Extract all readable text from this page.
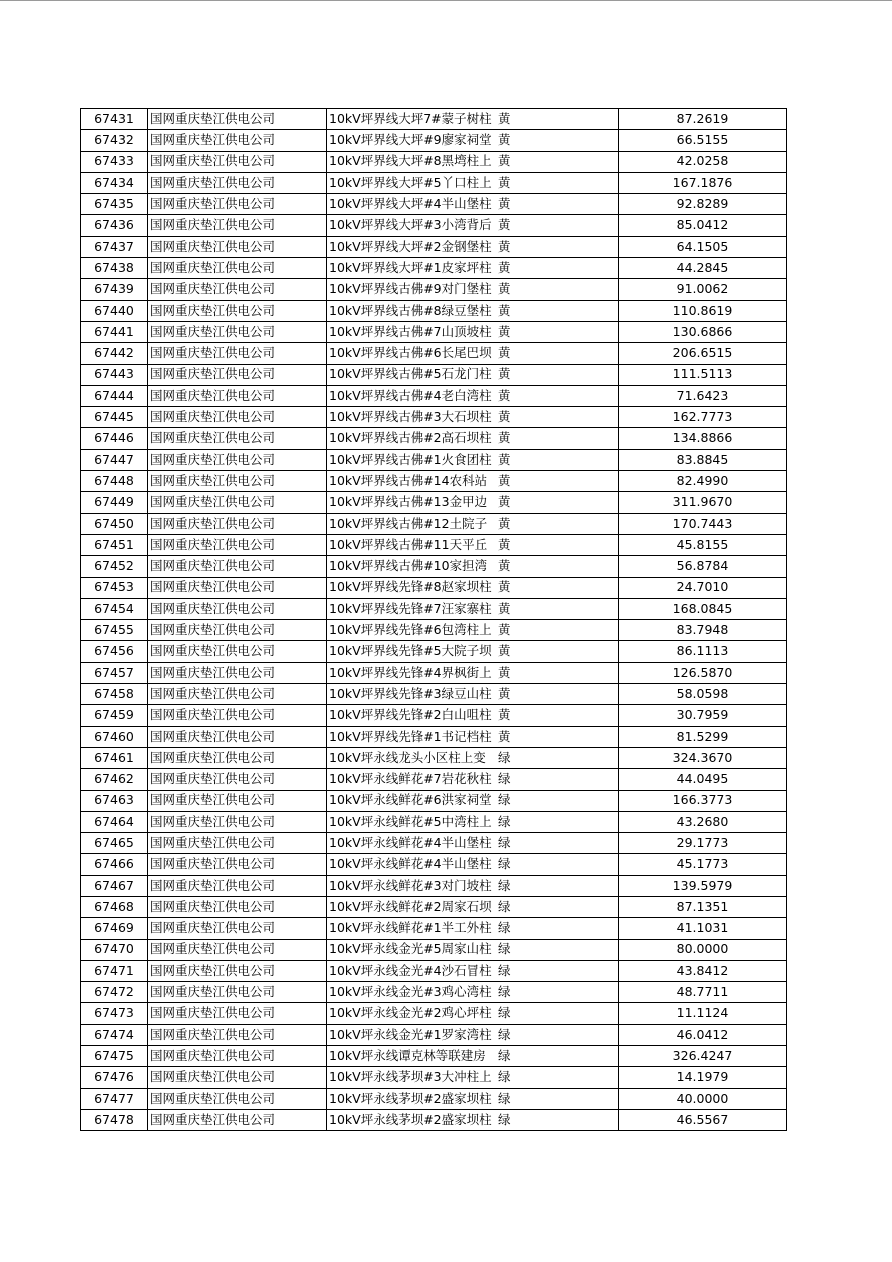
67431	国网重庆垫江供电公司	10kV坪界线大坪7#蒙子树柱	黄	87.2619
67432	国网重庆垫江供电公司	10kV坪界线大坪#9廖家祠堂	黄	66.5155
67433	国网重庆垫江供电公司	10kV坪界线大坪#8黑塆柱上	黄	42.0258
67434	国网重庆垫江供电公司	10kV坪界线大坪#5丫口柱上	黄	167.1876
67435	国网重庆垫江供电公司	10kV坪界线大坪#4半山堡柱	黄	92.8289
67436	国网重庆垫江供电公司	10kV坪界线大坪#3小湾背后	黄	85.0412
67437	国网重庆垫江供电公司	10kV坪界线大坪#2金钢堡柱	黄	64.1505
67438	国网重庆垫江供电公司	10kV坪界线大坪#1皮家坪柱	黄	44.2845
67439	国网重庆垫江供电公司	10kV坪界线古佛#9对门堡柱	黄	91.0062
67440	国网重庆垫江供电公司	10kV坪界线古佛#8绿豆堡柱	黄	110.8619
67441	国网重庆垫江供电公司	10kV坪界线古佛#7山顶坡柱	黄	130.6866
67442	国网重庆垫江供电公司	10kV坪界线古佛#6长尾巴坝	黄	206.6515
67443	国网重庆垫江供电公司	10kV坪界线古佛#5石龙门柱	黄	111.5113
67444	国网重庆垫江供电公司	10kV坪界线古佛#4老白湾柱	黄	71.6423
67445	国网重庆垫江供电公司	10kV坪界线古佛#3大石坝柱	黄	162.7773
67446	国网重庆垫江供电公司	10kV坪界线古佛#2高石坝柱	黄	134.8866
67447	国网重庆垫江供电公司	10kV坪界线古佛#1火食团柱	黄	83.8845
67448	国网重庆垫江供电公司	10kV坪界线古佛#14农科站	黄	82.4990
67449	国网重庆垫江供电公司	10kV坪界线古佛#13金甲边	黄	311.9670
67450	国网重庆垫江供电公司	10kV坪界线古佛#12土院子	黄	170.7443
67451	国网重庆垫江供电公司	10kV坪界线古佛#11天平丘	黄	45.8155
67452	国网重庆垫江供电公司	10kV坪界线古佛#10家担湾	黄	56.8784
67453	国网重庆垫江供电公司	10kV坪界线先锋#8赵家坝柱	黄	24.7010
67454	国网重庆垫江供电公司	10kV坪界线先锋#7汪家寨柱	黄	168.0845
67455	国网重庆垫江供电公司	10kV坪界线先锋#6包湾柱上	黄	83.7948
67456	国网重庆垫江供电公司	10kV坪界线先锋#5大院子坝	黄	86.1113
67457	国网重庆垫江供电公司	10kV坪界线先锋#4界枫街上	黄	126.5870
67458	国网重庆垫江供电公司	10kV坪界线先锋#3绿豆山柱	黄	58.0598
67459	国网重庆垫江供电公司	10kV坪界线先锋#2白山咀柱	黄	30.7959
67460	国网重庆垫江供电公司	10kV坪界线先锋#1书记档柱	黄	81.5299
67461	国网重庆垫江供电公司	10kV坪永线龙头小区柱上变	绿	324.3670
67462	国网重庆垫江供电公司	10kV坪永线鲜花#7岩花秋柱	绿	44.0495
67463	国网重庆垫江供电公司	10kV坪永线鲜花#6洪家祠堂	绿	166.3773
67464	国网重庆垫江供电公司	10kV坪永线鲜花#5中湾柱上	绿	43.2680
67465	国网重庆垫江供电公司	10kV坪永线鲜花#4半山堡柱	绿	29.1773
67466	国网重庆垫江供电公司	10kV坪永线鲜花#4半山堡柱	绿	45.1773
67467	国网重庆垫江供电公司	10kV坪永线鲜花#3对门坡柱	绿	139.5979
67468	国网重庆垫江供电公司	10kV坪永线鲜花#2周家石坝	绿	87.1351
67469	国网重庆垫江供电公司	10kV坪永线鲜花#1半工外柱	绿	41.1031
67470	国网重庆垫江供电公司	10kV坪永线金光#5周家山柱	绿	80.0000
67471	国网重庆垫江供电公司	10kV坪永线金光#4沙石冒柱	绿	43.8412
67472	国网重庆垫江供电公司	10kV坪永线金光#3鸡心湾柱	绿	48.7711
67473	国网重庆垫江供电公司	10kV坪永线金光#2鸡心坪柱	绿	11.1124
67474	国网重庆垫江供电公司	10kV坪永线金光#1罗家湾柱	绿	46.0412
67475	国网重庆垫江供电公司	10kV坪永线谭克林等联建房	绿	326.4247
67476	国网重庆垫江供电公司	10kV坪永线茅坝#3大冲柱上	绿	14.1979
67477	国网重庆垫江供电公司	10kV坪永线茅坝#2盛家坝柱	绿	40.0000
67478	国网重庆垫江供电公司	10kV坪永线茅坝#2盛家坝柱	绿	46.5567
